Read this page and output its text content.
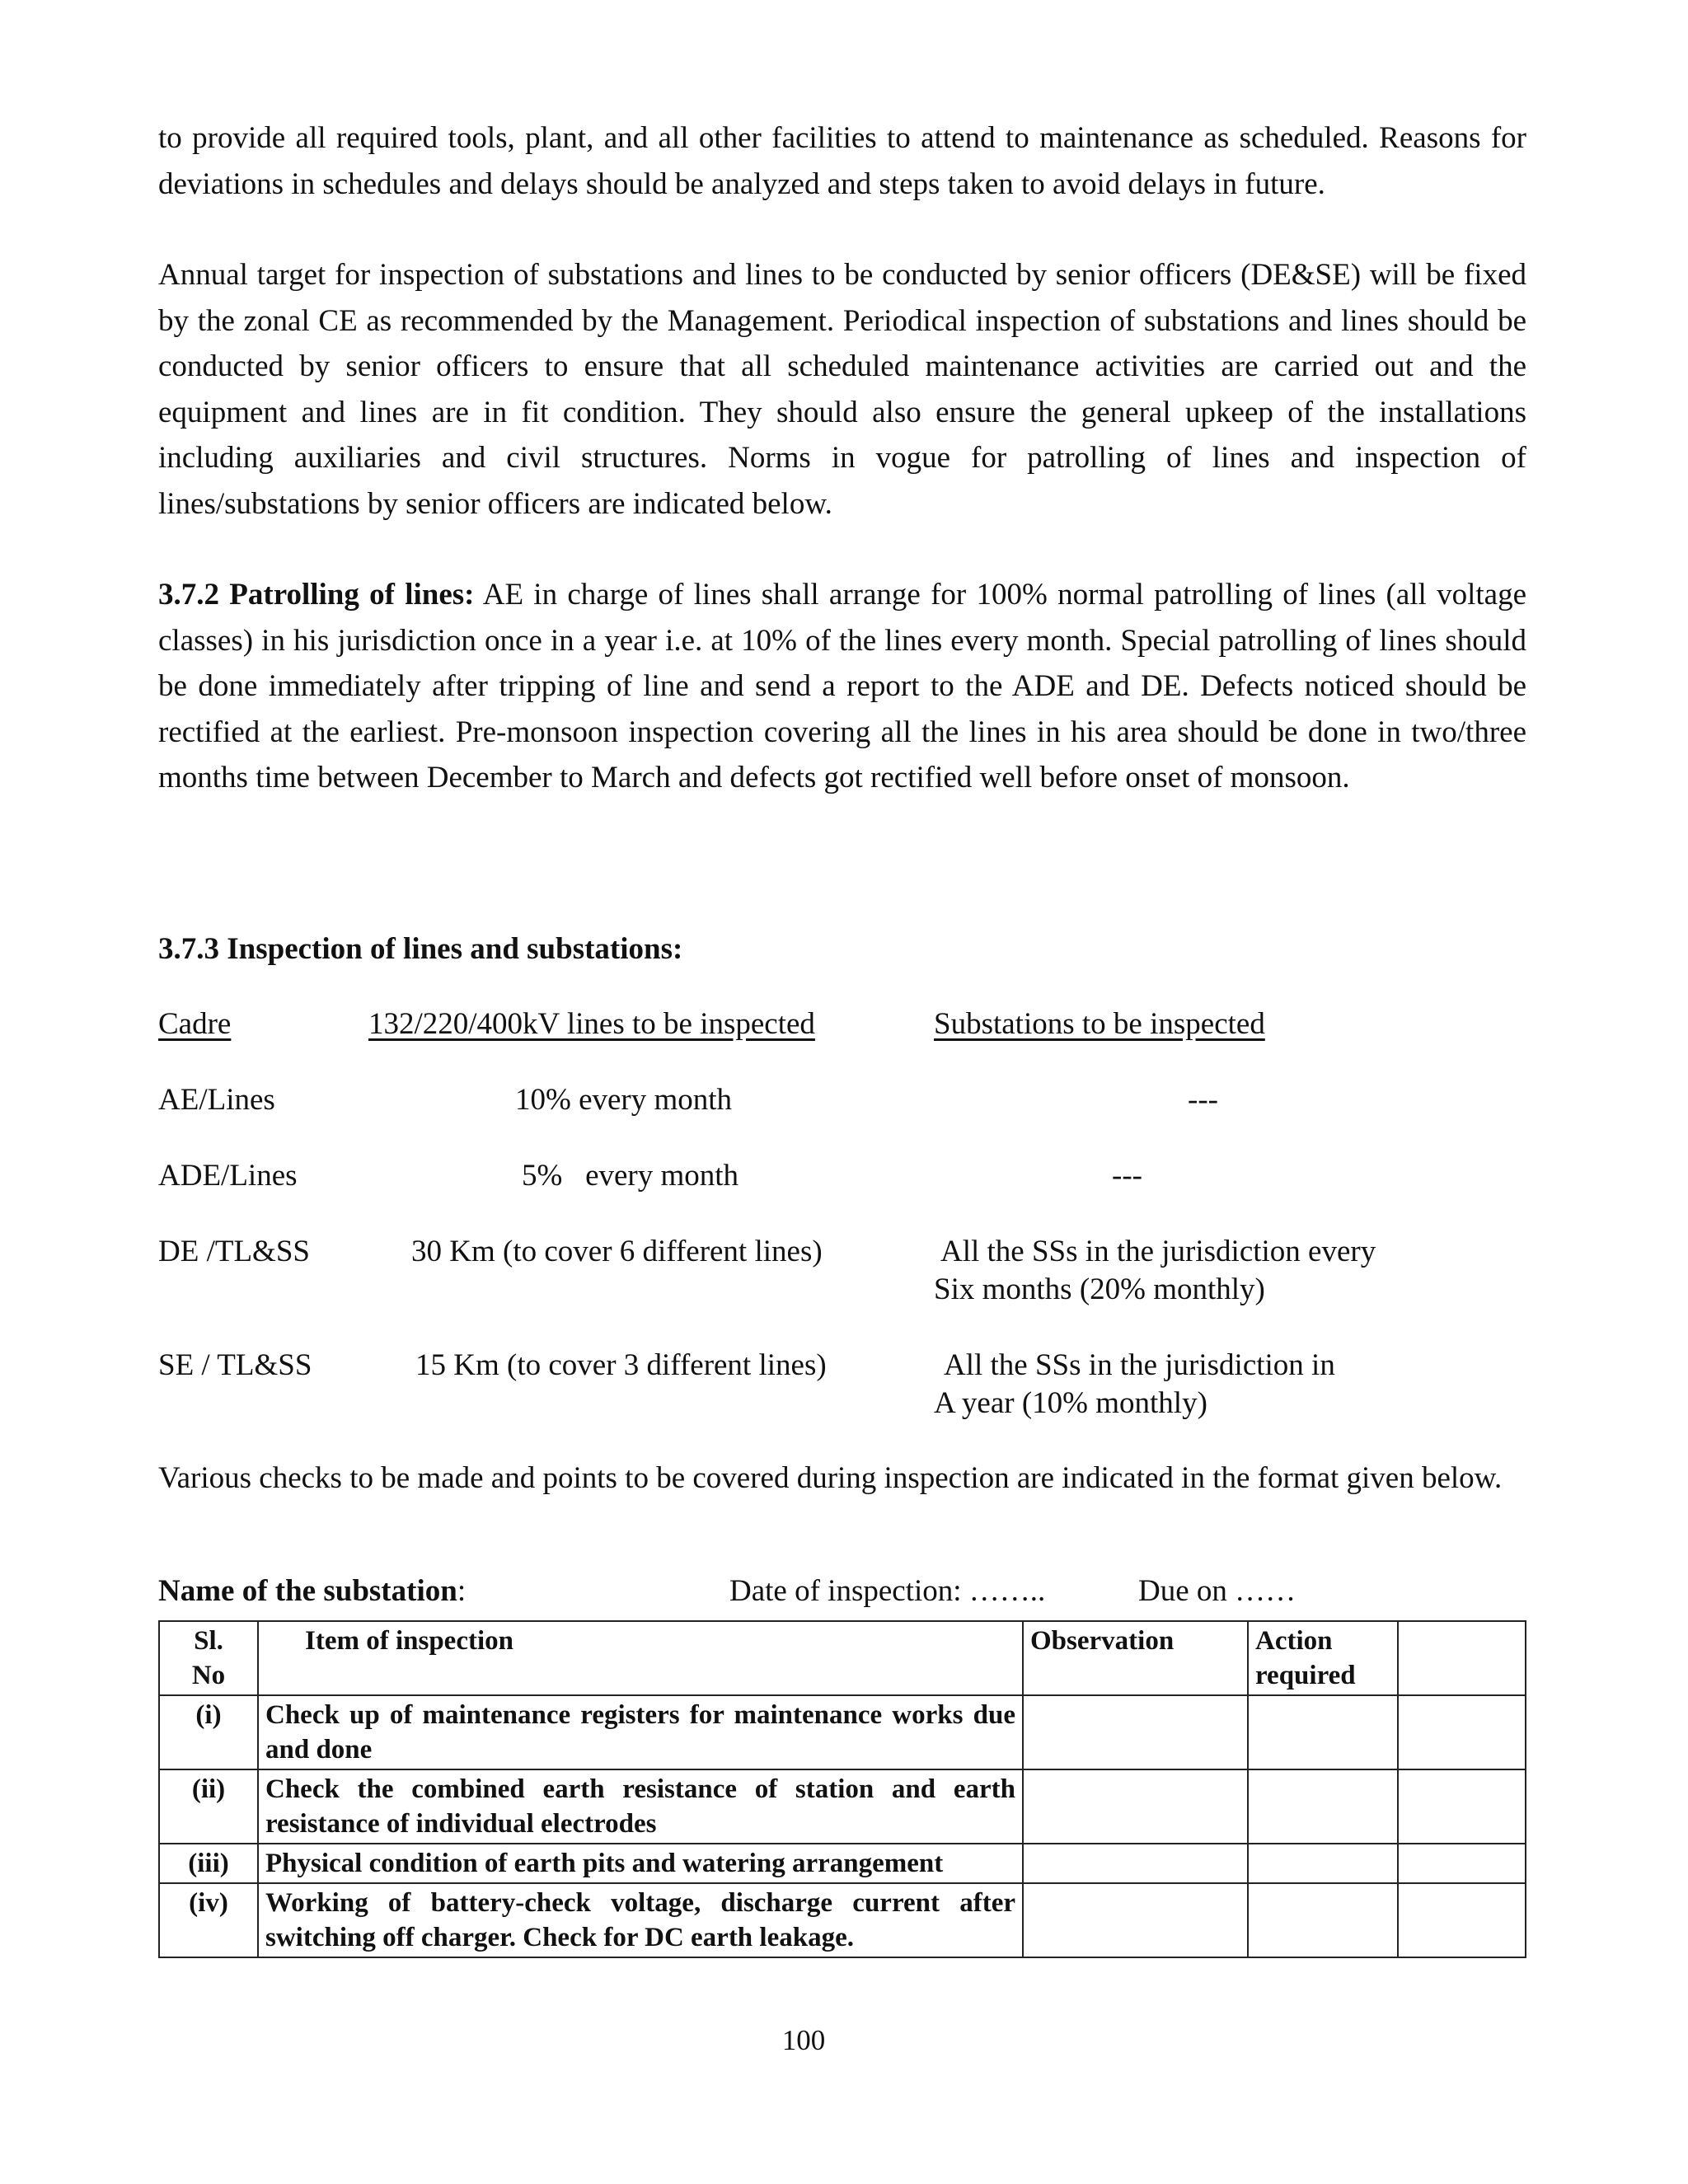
to provide all required tools, plant, and all other facilities to attend to maintenance as scheduled. Reasons for deviations in schedules and delays should be analyzed and steps taken to avoid delays in future.

Annual target for inspection of substations and lines to be conducted by senior officers (DE&SE) will be fixed by the zonal CE as recommended by the Management. Periodical inspection of substations and lines should be conducted by senior officers to ensure that all scheduled maintenance activities are carried out and the equipment and lines are in fit condition. They should also ensure the general upkeep of the installations including auxiliaries and civil structures. Norms in vogue for patrolling of lines and inspection of lines/substations by senior officers are indicated below.

3.7.2 Patrolling of lines: AE in charge of lines shall arrange for 100% normal patrolling of lines (all voltage classes) in his jurisdiction once in a year i.e. at 10% of the lines every month. Special patrolling of lines should be done immediately after tripping of line and send a report to the ADE and DE. Defects noticed should be rectified at the earliest. Pre-monsoon inspection covering all the lines in his area should be done in two/three months time between December to March and defects got rectified well before onset of monsoon.

3.7.3 Inspection of lines and substations:
Cadre	132/220/400kV lines to be inspected	Substations to be inspected
AE/Lines	10% every month	---
ADE/Lines	5%   every month	---
DE /TL&SS	30 Km (to cover 6 different lines)	All the SSs in the jurisdiction every
Six months (20% monthly)
SE / TL&SS	15 Km (to cover 3 different lines)	All the SSs in the jurisdiction in
A year (10% monthly)

Various checks to be made and points to be covered during inspection are indicated in the format given below.

Name of the substation:	Date of inspection: ……..	Due on ……
Sl.
No	Item of inspection	Observation	Action
required	
(i)	Check up of maintenance registers for maintenance works due and done			
(ii)	Check the combined earth resistance of station and earth resistance of individual electrodes			
(iii)	Physical condition of earth pits and watering arrangement			
(iv)	Working of battery-check voltage, discharge current after switching off charger. Check for DC earth leakage.			
100
